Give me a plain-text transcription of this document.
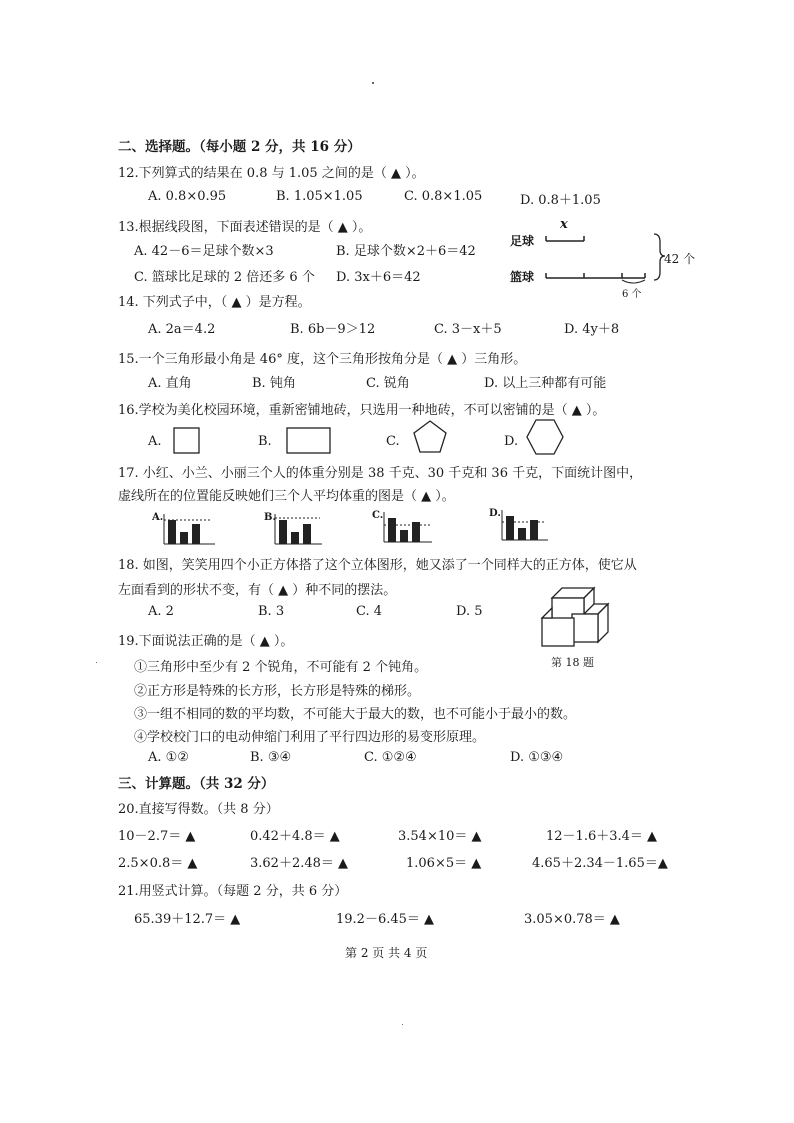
二、选择题。（每小题 2 分，共 16 分）
12.下列算式的结果在 0.8 与 1.05 之间的是（ ▲ ）。
A. 0.8×0.95	B. 1.05×1.05	C. 0.8×1.05	D. 0.8＋1.05
13.根据线段图，下面表述错误的是（ ▲ ）。
A. 42－6＝足球个数×3	B. 足球个数×2＋6＝42
C. 篮球比足球的 2 倍还多 6 个 D. 3x＋6＝42
足球
篮球
x
42 个
6 个
14. 下列式子中，（ ▲ ）是方程。
A. 2a＝4.2	B. 6b－9＞12	C. 3－x＋5	D. 4y＋8
15.一个三角形最小角是 46° 度，这个三角形按角分是（ ▲ ）三角形。
A. 直角	B. 钝角	C. 锐角	D. 以上三种都有可能
16.学校为美化校园环境，重新密铺地砖，只选用一种地砖，不可以密铺的是（ ▲ ）。
A.	B.	C.	D.
17. 小红、小兰、小丽三个人的体重分别是 38 千克、30 千克和 36 千克，下面统计图中，
虚线所在的位置能反映她们三个人平均体重的图是（ ▲ ）。
A.	B.	C.	D.
18. 如图，笑笑用四个小正方体搭了这个立体图形，她又添了一个同样大的正方体，使它从
左面看到的形状不变，有（ ▲ ）种不同的摆法。
A. 2	B. 3	C. 4	D. 5
第 18 题
19.下面说法正确的是（ ▲ ）。
①三角形中至少有 2 个锐角，不可能有 2 个钝角。
②正方形是特殊的长方形，长方形是特殊的梯形。
③一组不相同的数的平均数，不可能大于最大的数，也不可能小于最小的数。
④学校校门口的电动伸缩门利用了平行四边形的易变形原理。
A. ①②	B. ③④	C. ①②④	D. ①③④
三、计算题。（共 32 分）
20.直接写得数。（共 8 分）
10－2.7＝ ▲	0.42＋4.8＝ ▲	3.54×10＝ ▲	12－1.6＋3.4＝ ▲
2.5×0.8＝ ▲	3.62＋2.48＝ ▲	1.06×5＝ ▲	4.65＋2.34－1.65＝▲
21.用竖式计算。（每题 2 分，共 6 分）
65.39＋12.7＝ ▲	19.2－6.45＝ ▲	3.05×0.78＝ ▲
第 2 页 共 4 页
